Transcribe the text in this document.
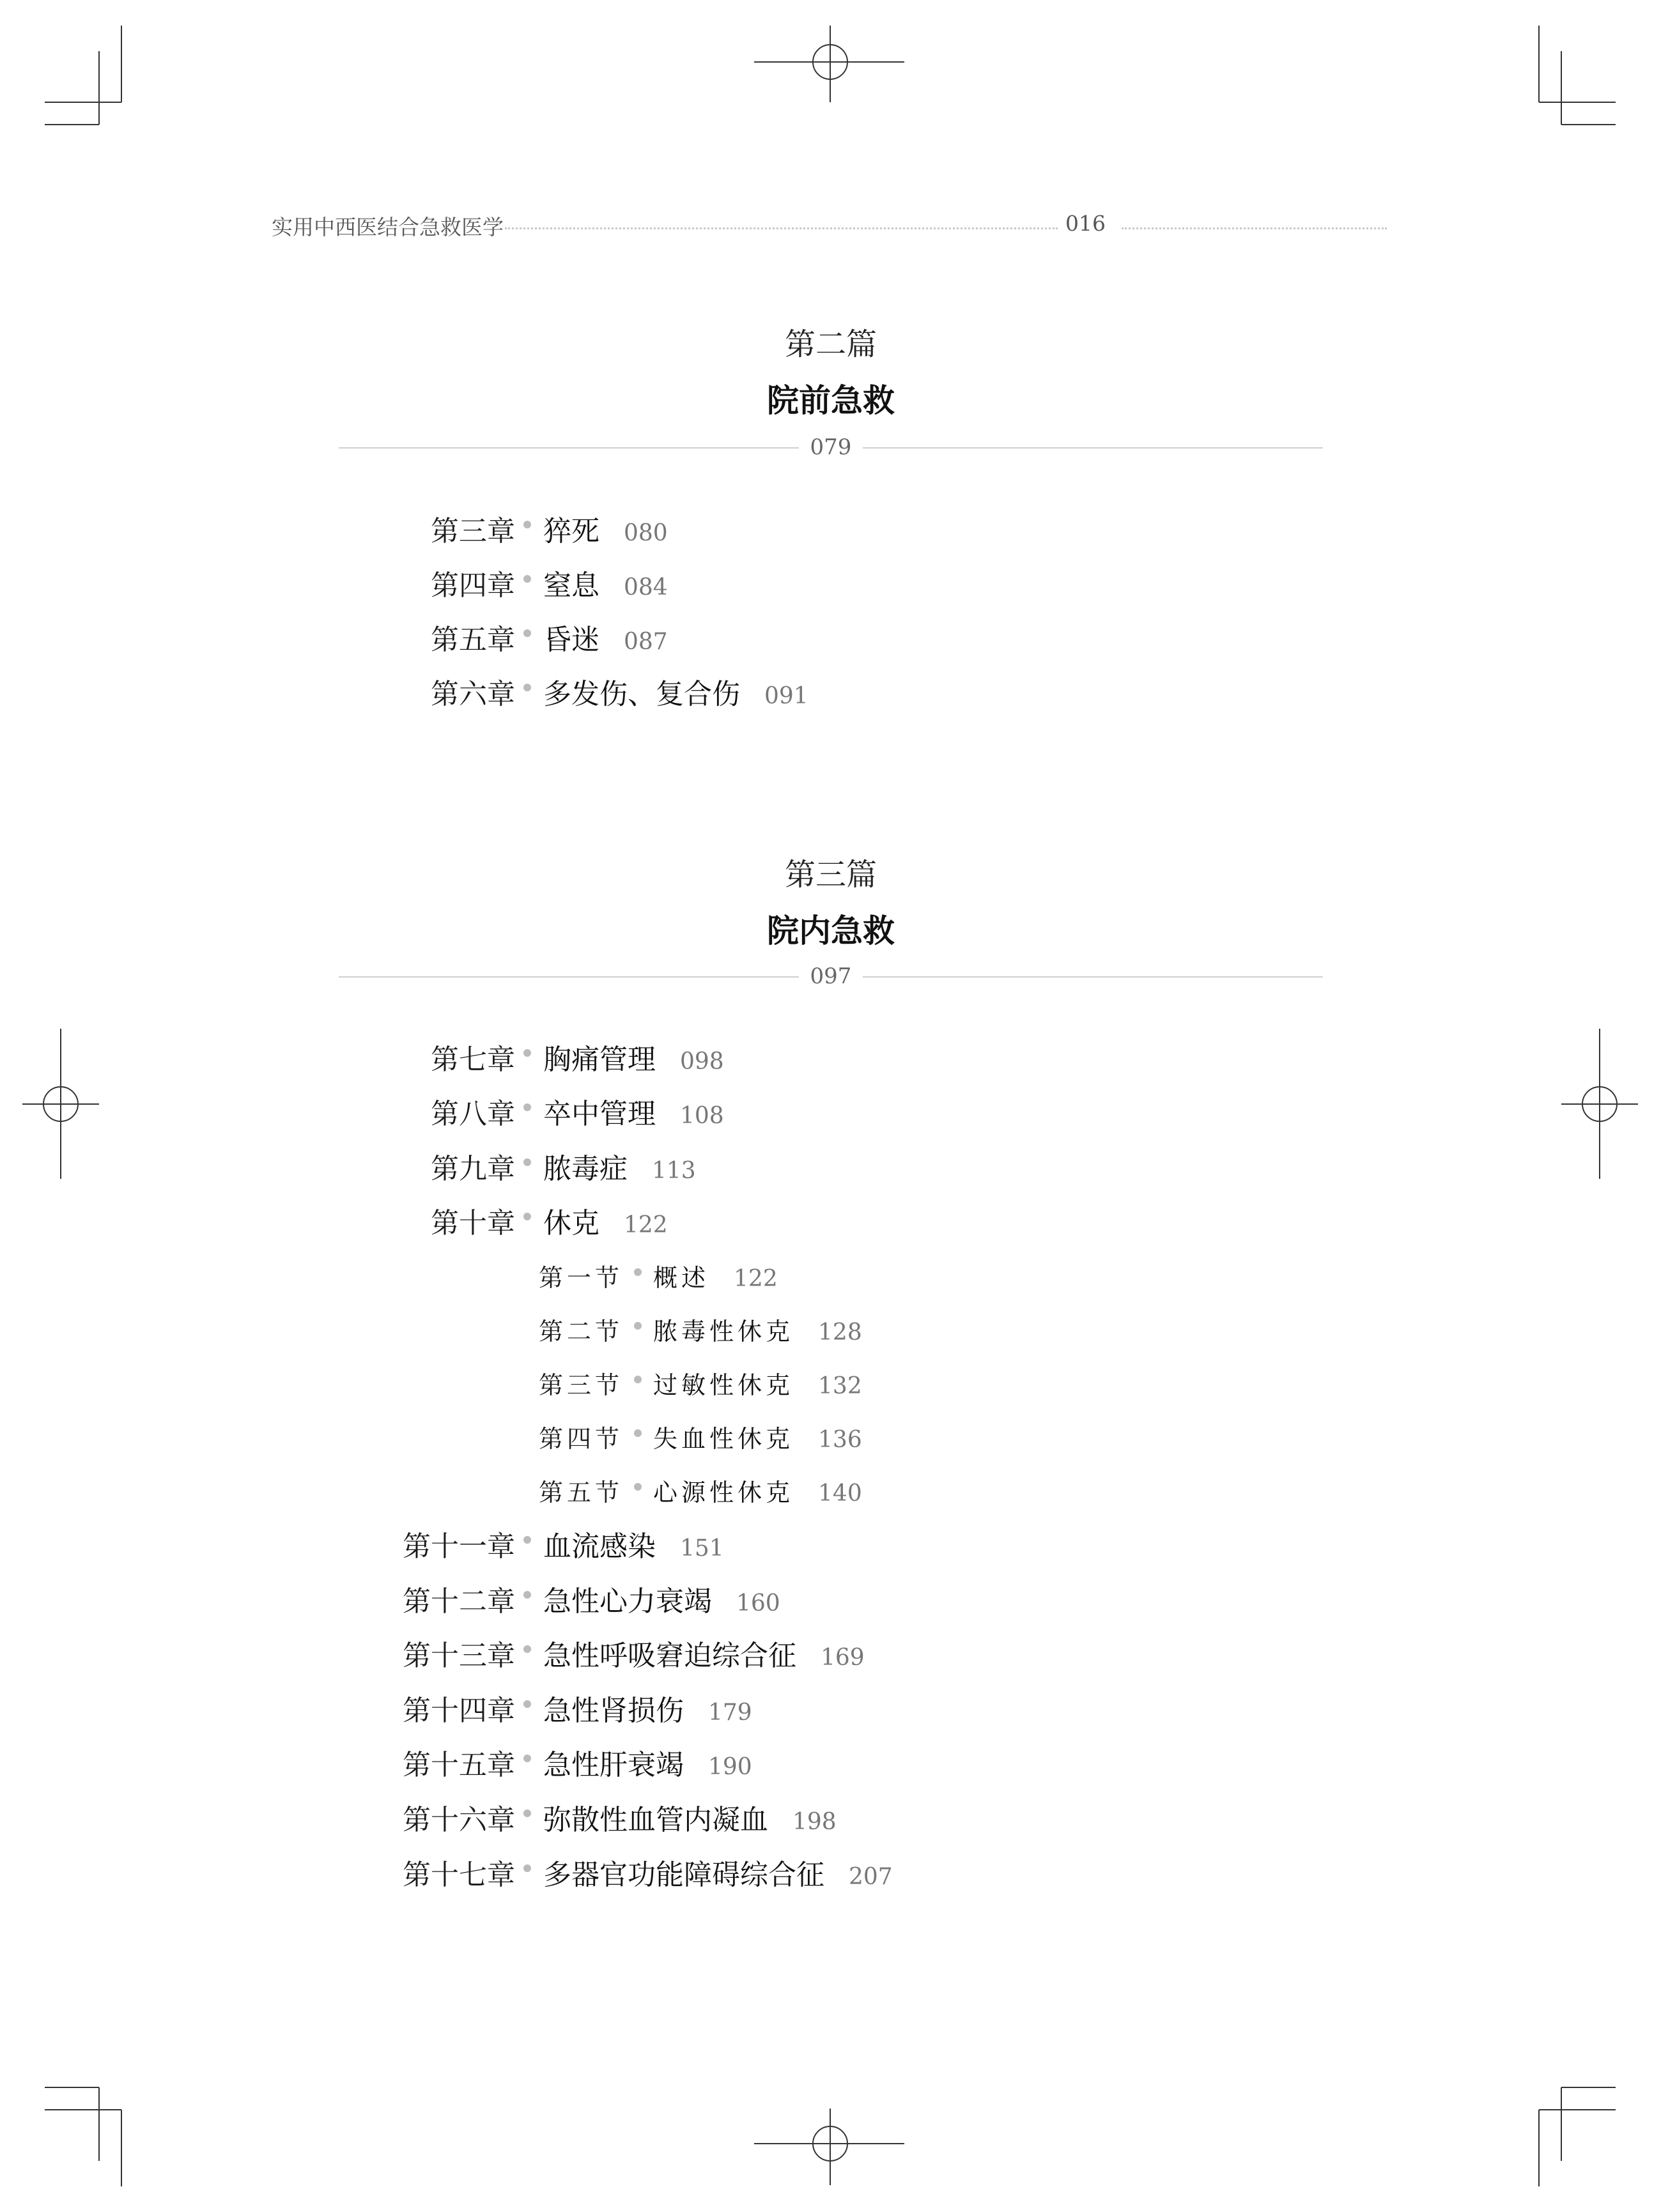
实用中西医结合急救医学	016
第二篇
院前急救
079
第三章 猝死 080
第四章 窒息 084
第五章 昏迷 087
第六章 多发伤、复合伤 091
第三篇
院内急救
097
第七章 胸痛管理 098
第八章 卒中管理 108
第九章 脓毒症 113
第十章 休克 122
第一节 概述 122
第二节 脓毒性休克 128
第三节 过敏性休克 132
第四节 失血性休克 136
第五节 心源性休克 140
第十一章 血流感染 151
第十二章 急性心力衰竭 160
第十三章 急性呼吸窘迫综合征 169
第十四章 急性肾损伤 179
第十五章 急性肝衰竭 190
第十六章 弥散性血管内凝血 198
第十七章 多器官功能障碍综合征 207
